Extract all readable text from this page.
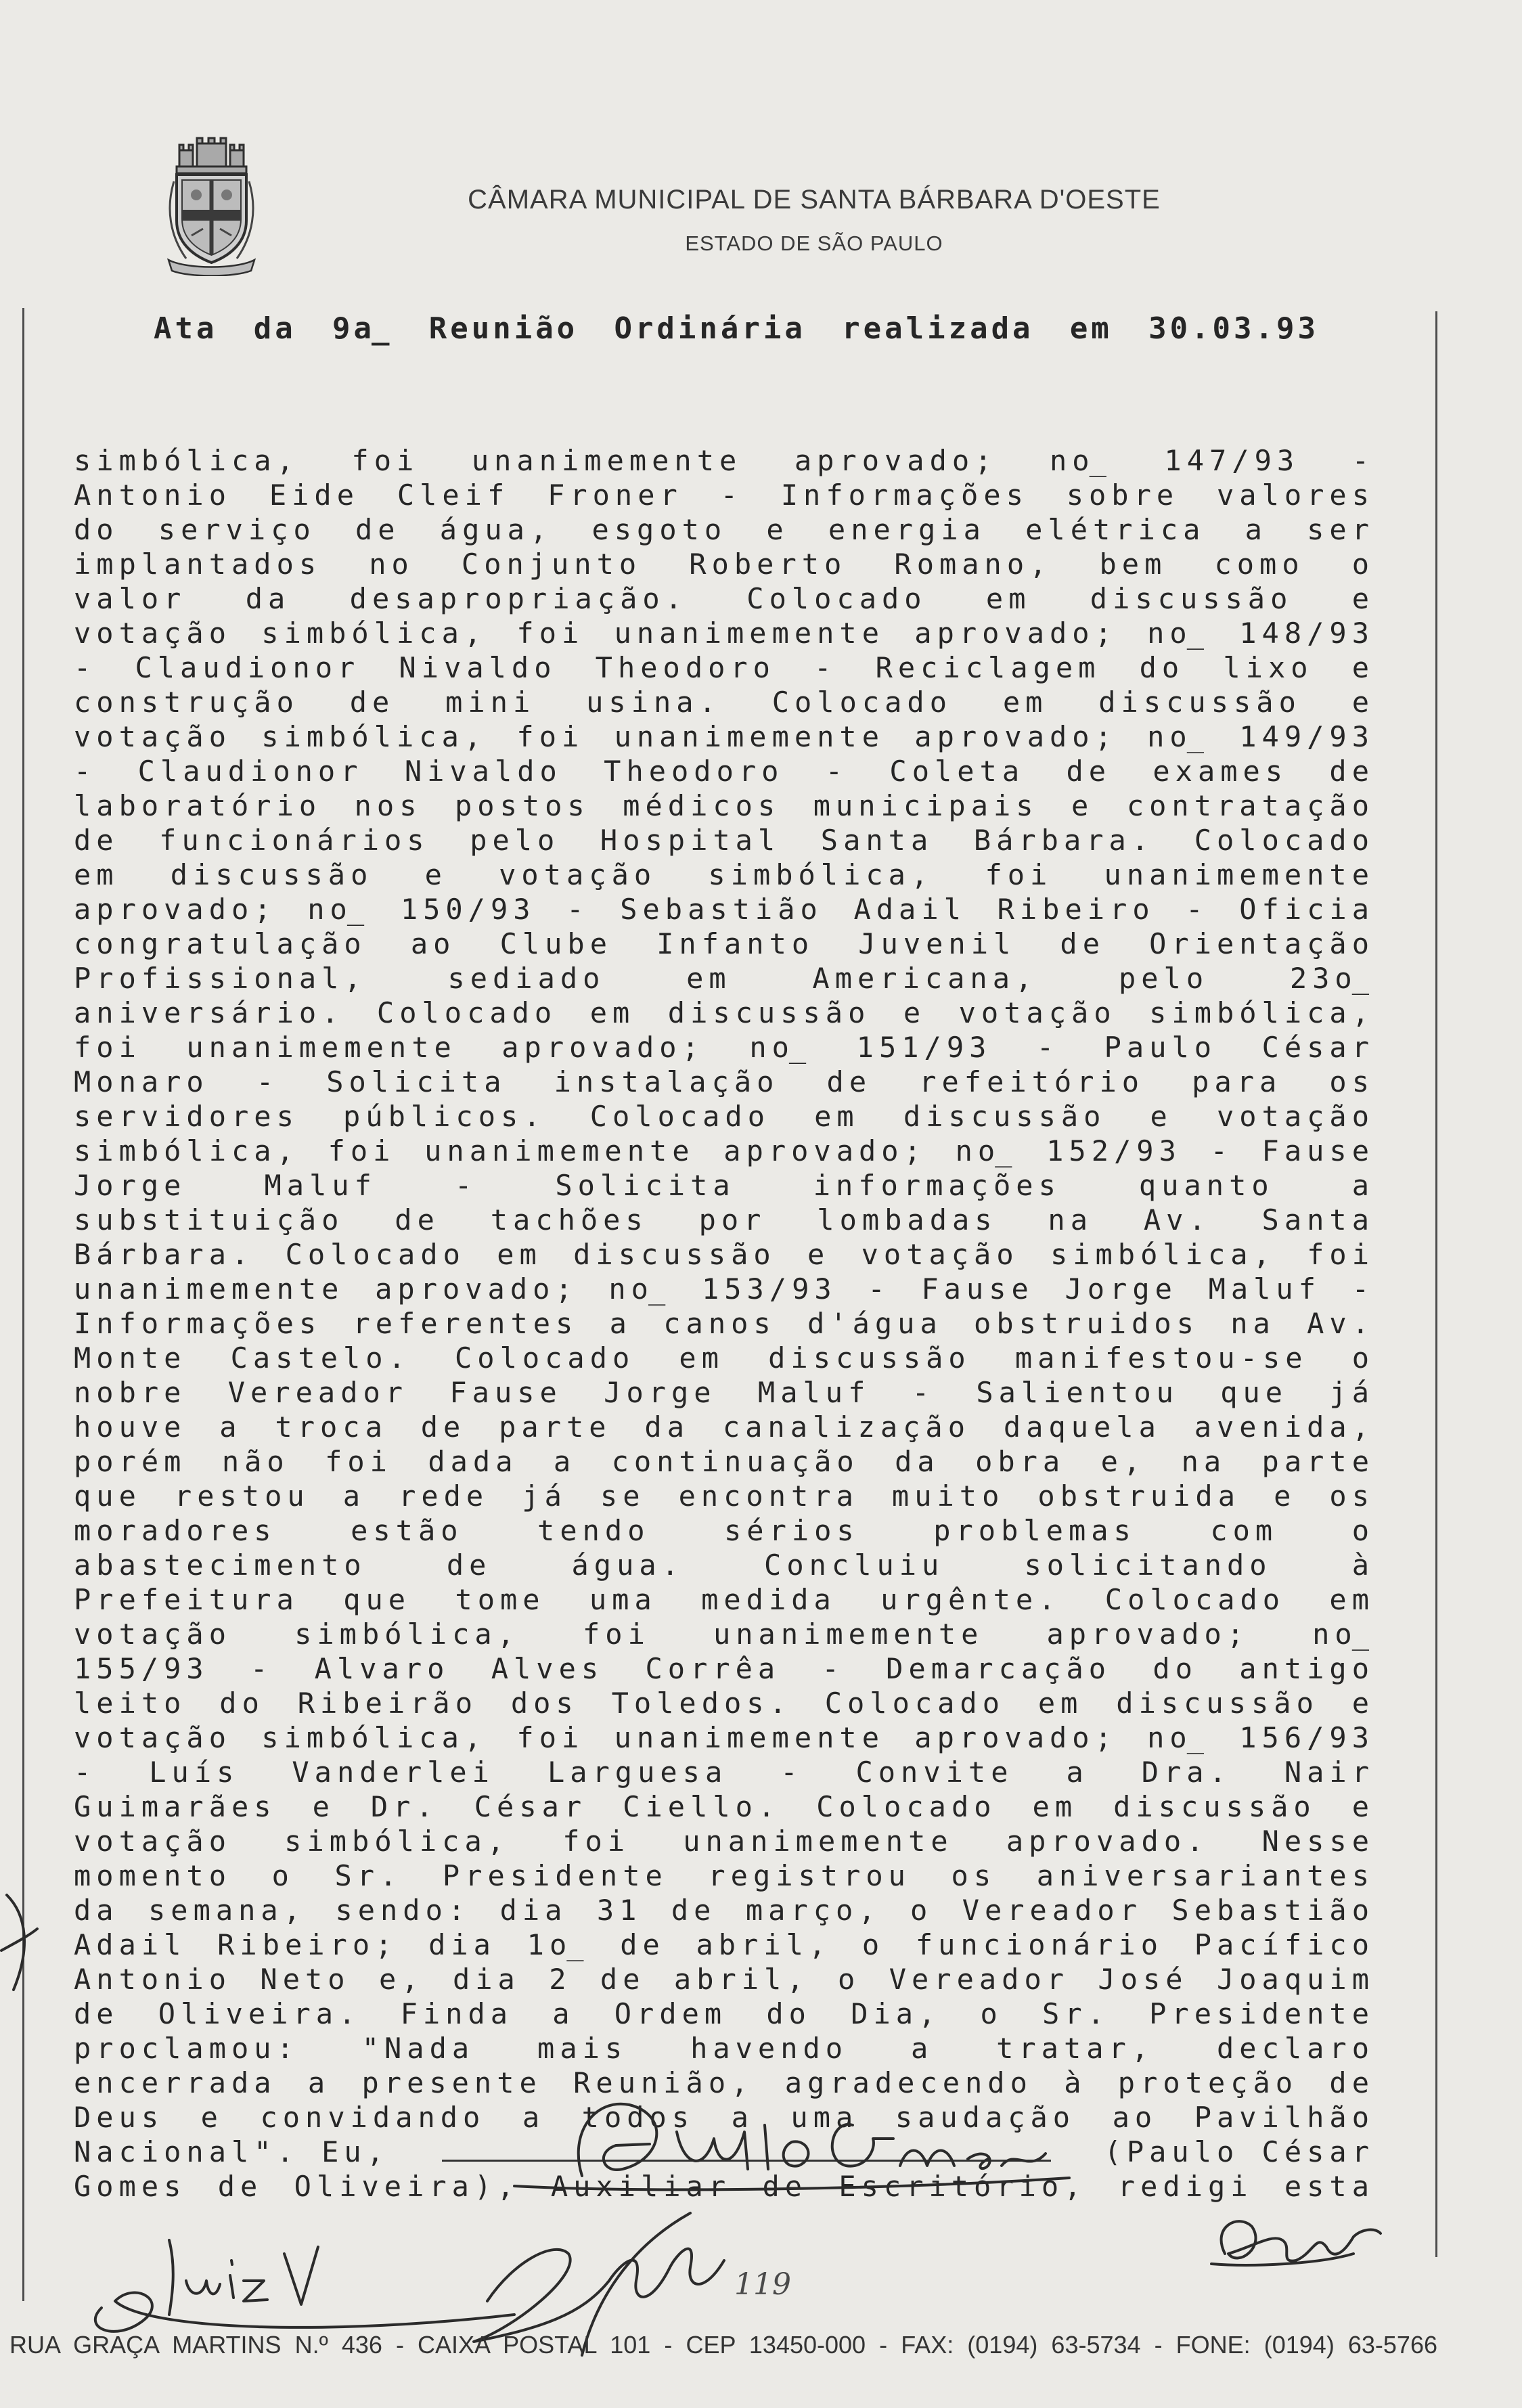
CÂMARA MUNICIPAL DE SANTA BÁRBARA D'OESTE
ESTADO DE SÃO PAULO
Ata da 9a̲ Reunião Ordinária realizada em 30.03.93
simbólica, foi unanimemente aprovado; no̲ 147/93 -
Antonio Eide Cleif Froner - Informações sobre valores
do serviço de água, esgoto e energia elétrica a ser
implantados no Conjunto Roberto Romano, bem como o
valor da desapropriação. Colocado em discussão e
votação simbólica, foi unanimemente aprovado; no̲ 148/93
- Claudionor Nivaldo Theodoro - Reciclagem do lixo e
construção de mini usina. Colocado em discussão e
votação simbólica, foi unanimemente aprovado; no̲ 149/93
- Claudionor Nivaldo Theodoro - Coleta de exames de
laboratório nos postos médicos municipais e contratação
de funcionários pelo Hospital Santa Bárbara. Colocado
em discussão e votação simbólica, foi unanimemente
aprovado; no̲ 150/93 - Sebastião Adail Ribeiro - Oficia
congratulação ao Clube Infanto Juvenil de Orientação
Profissional, sediado em Americana, pelo 23o̲
aniversário. Colocado em discussão e votação simbólica,
foi unanimemente aprovado; no̲ 151/93 - Paulo César
Monaro - Solicita instalação de refeitório para os
servidores públicos. Colocado em discussão e votação
simbólica, foi unanimemente aprovado; no̲ 152/93 - Fause
Jorge Maluf - Solicita informações quanto a
substituição de tachões por lombadas na Av. Santa
Bárbara. Colocado em discussão e votação simbólica, foi
unanimemente aprovado; no̲ 153/93 - Fause Jorge Maluf -
Informações referentes a canos d'água obstruidos na Av.
Monte Castelo. Colocado em discussão manifestou-se o
nobre Vereador Fause Jorge Maluf - Salientou que já
houve a troca de parte da canalização daquela avenida,
porém não foi dada a continuação da obra e, na parte
que restou a rede já se encontra muito obstruida e os
moradores estão tendo sérios problemas com o
abastecimento de água. Concluiu solicitando à
Prefeitura que tome uma medida urgênte. Colocado em
votação simbólica, foi unanimemente aprovado; no̲
155/93 - Alvaro Alves Corrêa - Demarcação do antigo
leito do Ribeirão dos Toledos. Colocado em discussão e
votação simbólica, foi unanimemente aprovado; no̲ 156/93
- Luís Vanderlei Larguesa - Convite a Dra. Nair
Guimarães e Dr. César Ciello. Colocado em discussão e
votação simbólica, foi unanimemente aprovado. Nesse
momento o Sr. Presidente registrou os aniversariantes
da semana, sendo: dia 31 de março, o Vereador Sebastião
Adail Ribeiro; dia 1o̲ de abril, o funcionário Pacífico
Antonio Neto e, dia 2 de abril, o Vereador José Joaquim
de Oliveira. Finda a Ordem do Dia, o Sr. Presidente
proclamou: "Nada mais havendo a tratar, declaro
encerrada a presente Reunião, agradecendo à proteção de
Deus e convidando a todos a uma saudação ao Pavilhão
Nacional". Eu,	(Paulo César
Gomes de Oliveira), Auxiliar de Escritório, redigi esta
119
RUA GRAÇA MARTINS N.º 436 - CAIXA POSTAL 101 - CEP 13450-000 - FAX: (0194) 63-5734 - FONE: (0194) 63-5766
